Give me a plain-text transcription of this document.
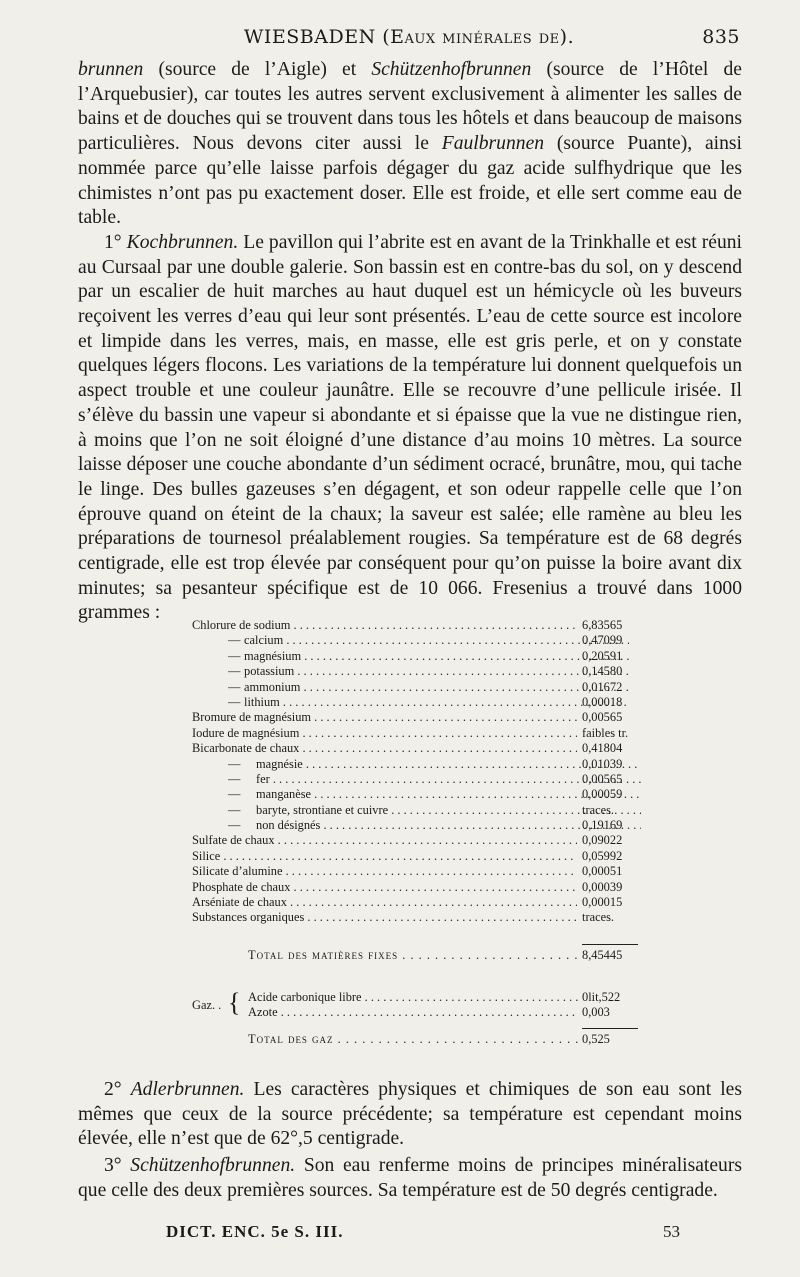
WIESBADEN (Eaux minérales de).	835

brunnen (source de l’Aigle) et Schützenhofbrunnen (source de l’Hôtel de l’Arquebusier), car toutes les autres servent exclusivement à alimenter les salles de bains et de douches qui se trouvent dans tous les hôtels et dans beaucoup de maisons particulières. Nous devons citer aussi le Faulbrunnen (source Puante), ainsi nommée parce qu’elle laisse parfois dégager du gaz acide sulfhydrique que les chimistes n’ont pas pu exactement doser. Elle est froide, et elle sert comme eau de table.

1° Kochbrunnen. Le pavillon qui l’abrite est en avant de la Trinkhalle et est réuni au Cursaal par une double galerie. Son bassin est en contre-bas du sol, on y descend par un escalier de huit marches au haut duquel est un hémicycle où les buveurs reçoivent les verres d’eau qui leur sont présentés. L’eau de cette source est incolore et limpide dans les verres, mais, en masse, elle est gris perle, et on y constate quelques légers flocons. Les variations de la température lui donnent quelquefois un aspect trouble et une couleur jaunâtre. Elle se recouvre d’une pellicule irisée. Il s’élève du bassin une vapeur si abondante et si épaisse que la vue ne distingue rien, à moins que l’on ne soit éloigné d’une distance d’au moins 10 mètres. La source laisse déposer une couche abondante d’un sédiment ocracé, brunâtre, mou, qui tache le linge. Des bulles gazeuses s’en dégagent, et son odeur rappelle celle que l’on éprouve quand on éteint de la chaux; la saveur est salée; elle ramène au bleu les préparations de tournesol préalablement rougies. Sa température est de 68 degrés centigrade, elle est trop élevée par conséquent pour qu’on puisse la boire avant dix minutes; sa pesanteur spécifique est de 10 066. Fresenius a trouvé dans 1000 grammes :

Chlorure de sodium . . .	6,83565
— calcium . . .	0,47099
— magnésium . . .	0,20591
— potassium . . .	0,14580
— ammonium . . .	0,01672
— lithium . . .	0,00018
Bromure de magnésium . . .	0,00565
Iodure de magnésium . . .	faibles tr.
Bicarbonate de chaux . . .	0,41804
—	magnésie . . .	0,01039
—	fer . . .	0,00565
—	manganèse . . .	0,00059
—	baryte, strontiane et cuivre . . .	traces.
—	non désignés . . .	0,19169
Sulfate de chaux . . .	0,09022
Silice . . .	0,05992
Silicate d’alumine . . .	0,00051
Phosphate de chaux . . .	0,00039
Arséniate de chaux . . .	0,00015
Substances organiques . . .	traces.
Total des matières fixes . . .	8,45445
Gaz. . { Acide carbonique libre . . .	0lit,522
Azote . . .	0,003
Total des gaz . . .	0,525

2° Adlerbrunnen. Les caractères physiques et chimiques de son eau sont les mêmes que ceux de la source précédente; sa température est cependant moins élevée, elle n’est que de 62°,5 centigrade.

3° Schützenhofbrunnen. Son eau renferme moins de principes minéralisateurs que celle des deux premières sources. Sa température est de 50 degrés centigrade.

DICT. ENC. 5e S. III.	53
